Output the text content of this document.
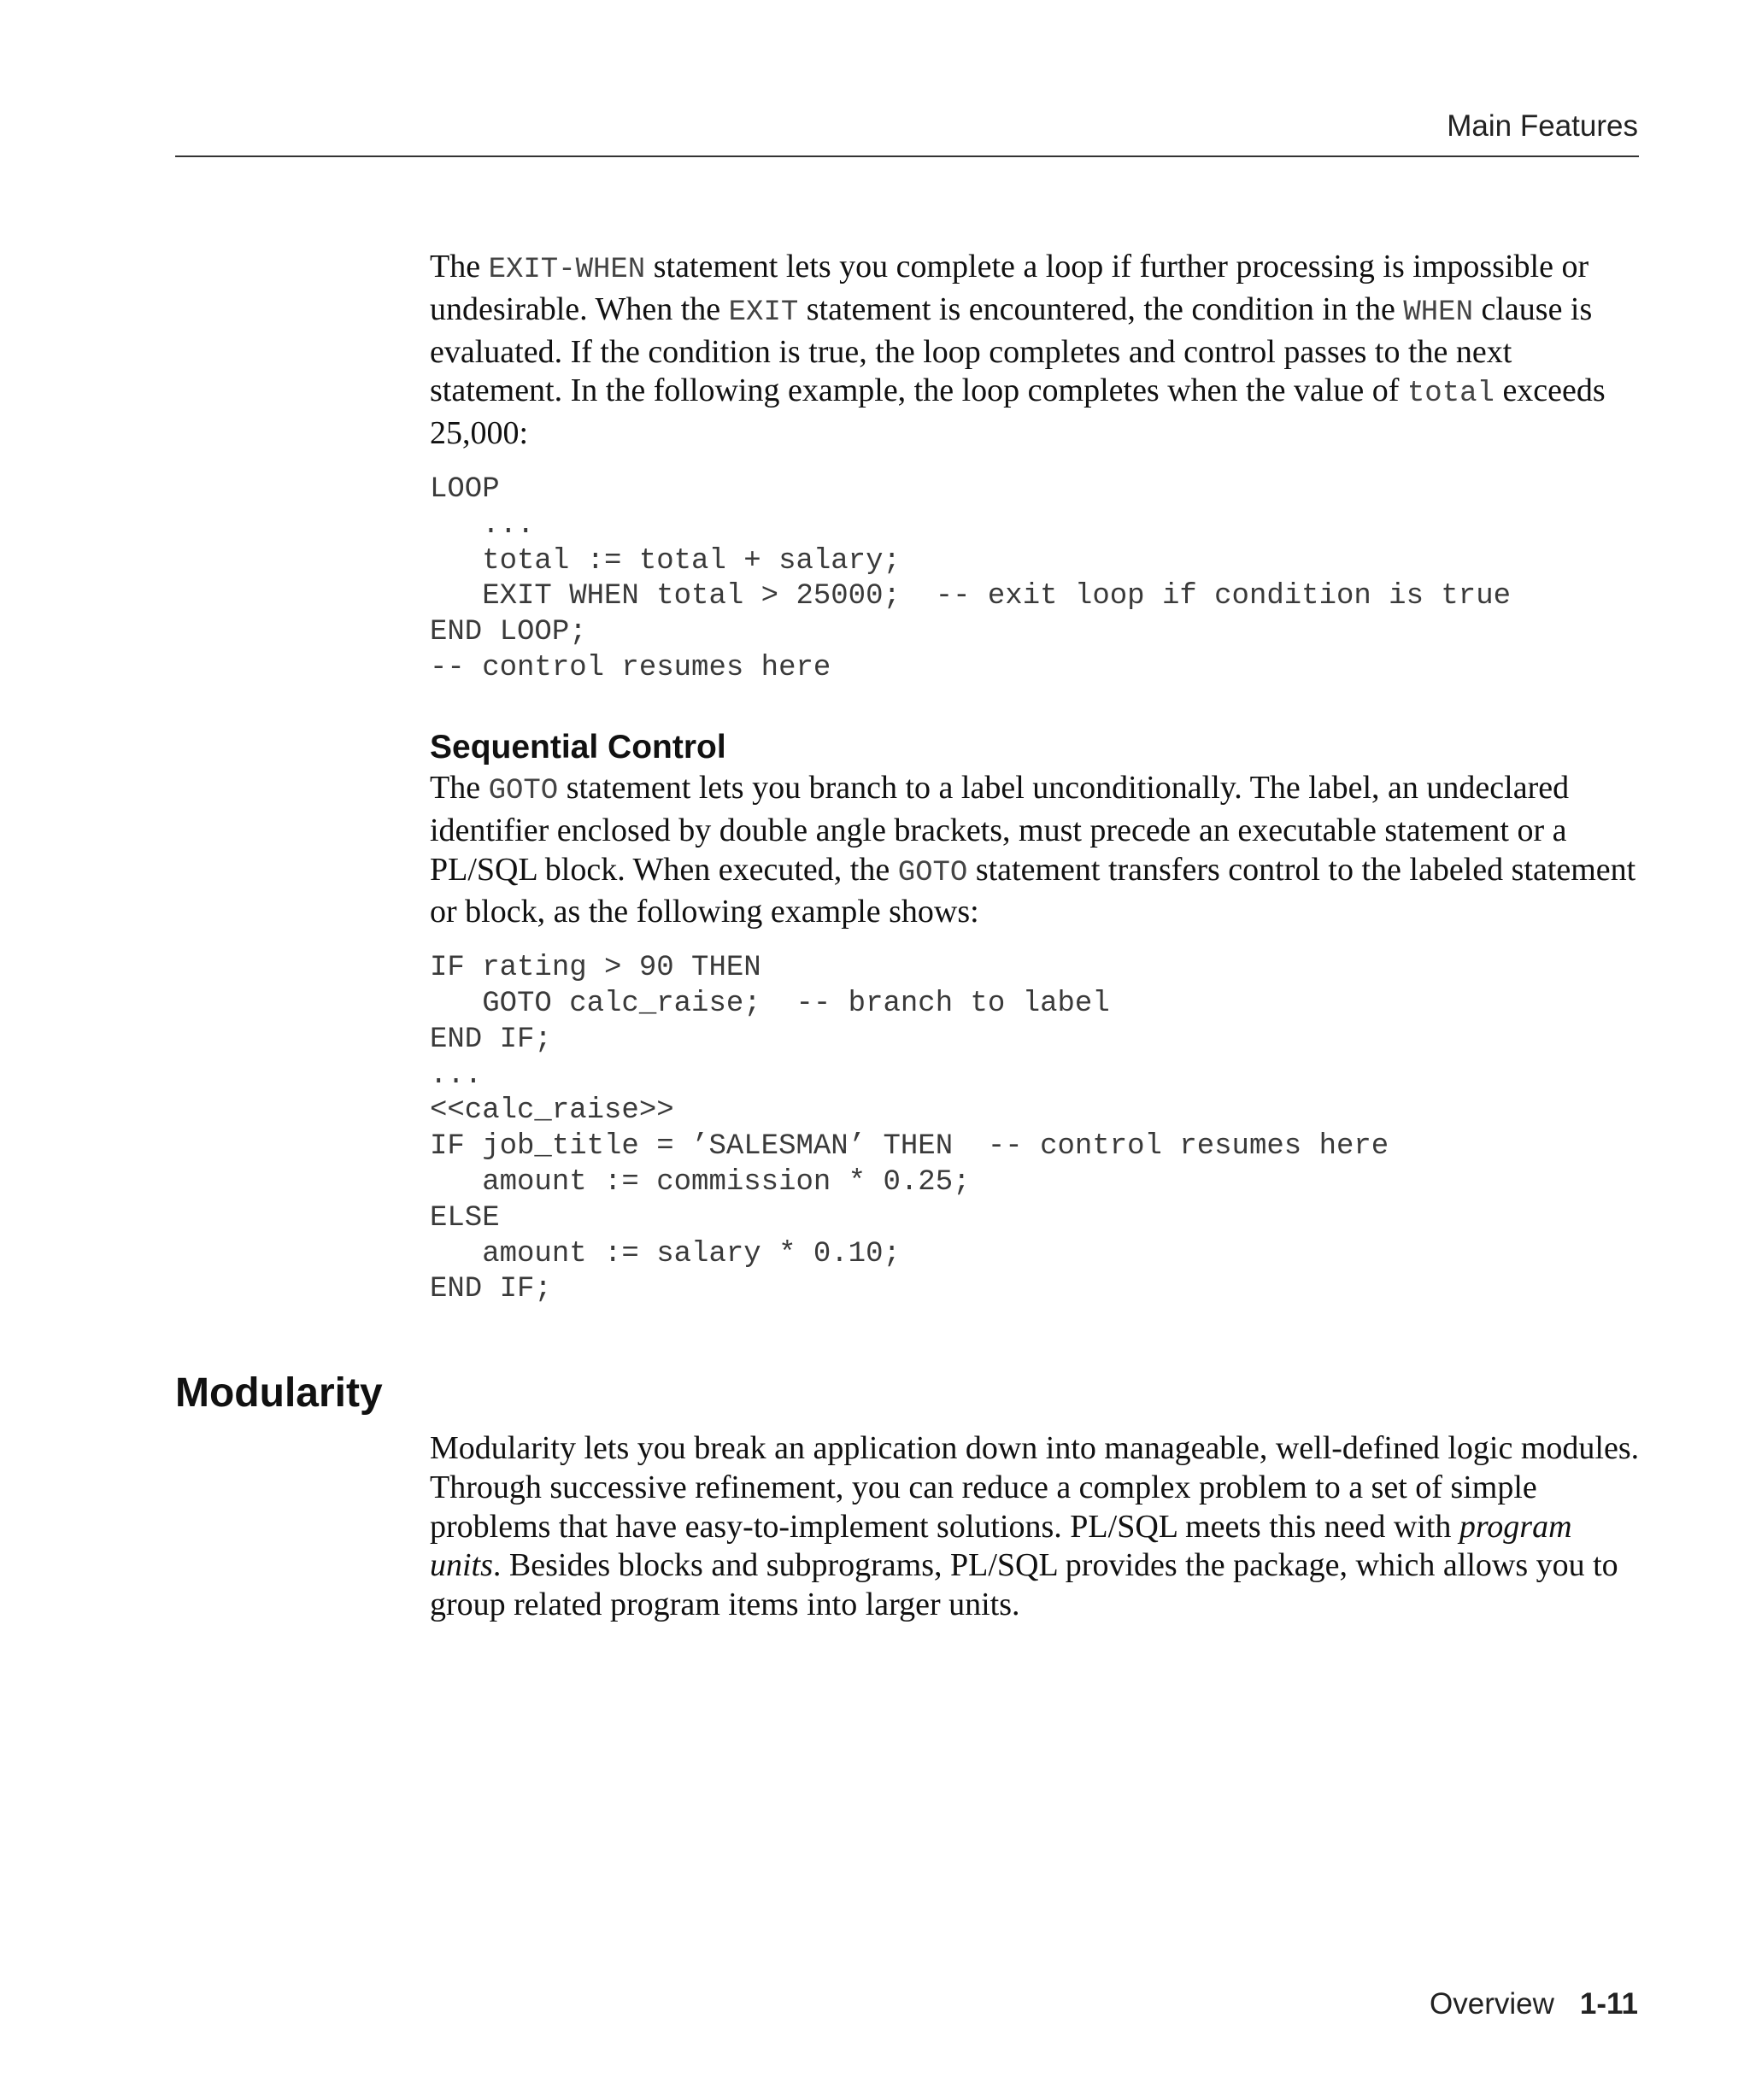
Main Features

The EXIT-WHEN statement lets you complete a loop if further processing is impossible or undesirable. When the EXIT statement is encountered, the condition in the WHEN clause is evaluated. If the condition is true, the loop completes and control passes to the next statement. In the following example, the loop completes when the value of total exceeds 25,000:

LOOP
...
total := total + salary;
EXIT WHEN total > 25000;  -- exit loop if condition is true
END LOOP;
-- control resumes here
Sequential Control

The GOTO statement lets you branch to a label unconditionally. The label, an undeclared identifier enclosed by double angle brackets, must precede an executable statement or a PL/SQL block. When executed, the GOTO statement transfers control to the labeled statement or block, as the following example shows:

IF rating > 90 THEN
GOTO calc_raise;  -- branch to label
END IF;
...
<<calc_raise>>
IF job_title = ’SALESMAN’ THEN  -- control resumes here
amount := commission * 0.25;
ELSE
amount := salary * 0.10;
END IF;
Modularity

Modularity lets you break an application down into manageable, well-defined logic modules. Through successive refinement, you can reduce a complex problem to a set of simple problems that have easy-to-implement solutions. PL/SQL meets this need with program units. Besides blocks and subprograms, PL/SQL provides the package, which allows you to group related program items into larger units.

Overview 1-11
